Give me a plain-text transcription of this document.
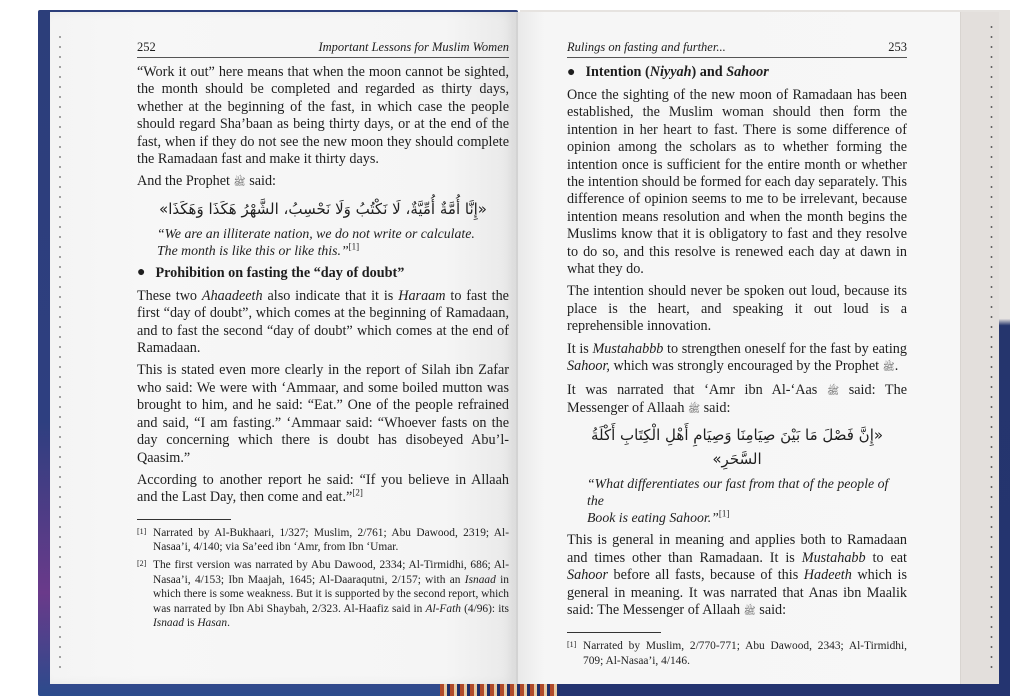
252	Important Lessons for Muslim Women

“Work it out” here means that when the moon cannot be sighted, the month should be completed and regarded as thirty days, whether at the beginning of the fast, in which case the people should regard Sha’baan as being thirty days, or at the end of the fast, when if they do not see the new moon they should complete the Ramadaan fast and make it thirty days.

And the Prophet ﷺ said:

«إِنَّا أُمَّةٌ أُمِّيَّةٌ، لَا نَكْتُبُ وَلَا نَحْسِبُ، الشَّهْرُ هَكَذَا وَهَكَذَا»
“We are an illiterate nation, we do not write or calculate.
The month is like this or like this.”[1]
● Prohibition on fasting the “day of doubt”

These two Ahaadeeth also indicate that it is Haraam to fast the first “day of doubt”, which comes at the beginning of Ramadaan, and to fast the second “day of doubt” which comes at the end of Ramadaan.

This is stated even more clearly in the report of Silah ibn Zafar who said: We were with ‘Ammaar, and some boiled mutton was brought to him, and he said: “Eat.” One of the people refrained and said, “I am fasting.” ‘Ammaar said: “Whoever fasts on the day concerning which there is doubt has disobeyed Abu’l-Qaasim.”

According to another report he said: “If you believe in Allaah and the Last Day, then come and eat.”[2]

[1] Narrated by Al-Bukhaari, 1/327; Muslim, 2/761; Abu Dawood, 2319; Al-Nasaa’i, 4/140; via Sa’eed ibn ‘Amr, from Ibn ‘Umar.
[2] The first version was narrated by Abu Dawood, 2334; Al-Tirmidhi, 686; Al-Nasaa’i, 4/153; Ibn Maajah, 1645; Al-Daaraqutni, 2/157; with an Isnaad in which there is some weakness. But it is supported by the second report, which was narrated by Ibn Abi Shaybah, 2/323. Al-Haafiz said in Al-Fath (4/96): its Isnaad is Hasan.
Rulings on fasting and further...	253
● Intention (Niyyah) and Sahoor

Once the sighting of the new moon of Ramadaan has been established, the Muslim woman should then form the intention in her heart to fast. There is some difference of opinion among the scholars as to whether forming the intention once is sufficient for the entire month or whether the intention should be formed for each day separately. This difference of opinion seems to me to be irrelevant, because intention means resolution and when the month begins the Muslims know that it is obligatory to fast and they resolve to do so, and this resolve is renewed each day at dawn in what they do.

The intention should never be spoken out loud, because its place is the heart, and speaking it out loud is a reprehensible innovation.

It is Mustahabbb to strengthen oneself for the fast by eating Sahoor, which was strongly encouraged by the Prophet ﷺ.

It was narrated that ‘Amr ibn Al-‘Aas ﷺ said: The Messenger of Allaah ﷺ said:

«إِنَّ فَصْلَ مَا بَيْنَ صِيَامِنَا وَصِيَامِ أَهْلِ الْكِتَابِ أَكْلَةُ السَّحَرِ»
“What differentiates our fast from that of the people of the
Book is eating Sahoor.”[1]

This is general in meaning and applies both to Ramadaan and times other than Ramadaan. It is Mustahabb to eat Sahoor before all fasts, because of this Hadeeth which is general in meaning. It was narrated that Anas ibn Maalik said: The Messenger of Allaah ﷺ said:

[1] Narrated by Muslim, 2/770-771; Abu Dawood, 2343; Al-Tirmidhi, 709; Al-Nasaa’i, 4/146.
